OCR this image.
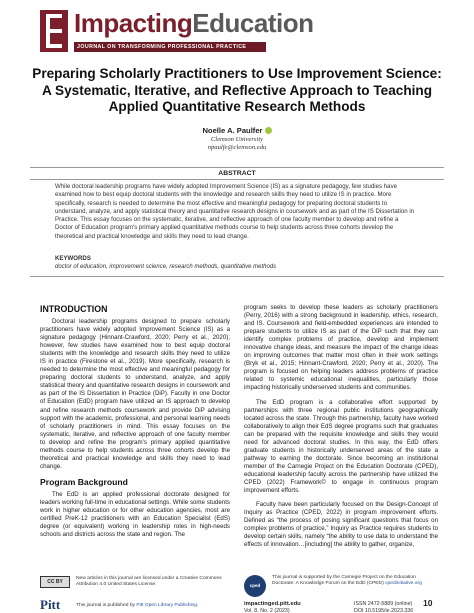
ImpactingEducation
JOURNAL ON TRANSFORMING PROFESSIONAL PRACTICE
Preparing Scholarly Practitioners to Use Improvement Science: A Systematic, Iterative, and Reflective Approach to Teaching Applied Quantitative Research Methods
Noelle A. Paulfer
Clemson University
npaulfe@clemson.edu
ABSTRACT
While doctoral leadership programs have widely adopted Improvement Science (IS) as a signature pedagogy, few studies have examined how to best equip doctoral students with the knowledge and research skills they need to utilize IS in practice. More specifically, research is needed to determine the most effective and meaningful pedagogy for preparing doctoral students to understand, analyze, and apply statistical theory and quantitative research designs in coursework and as part of the IS Dissertation in Practice. This essay focuses on the systematic, iterative, and reflective approach of one faculty member to develop and refine a Doctor of Education program's primary applied quantitative methods course to help students across three cohorts develop the theoretical and practical knowledge and skills they need to lead change.
KEYWORDS
doctor of education, improvement science, research methods, quantitative methods
INTRODUCTION
Doctoral leadership programs designed to prepare scholarly practitioners have widely adopted Improvement Science (IS) as a signature pedagogy (Hinnant-Crawford, 2020; Perry et al., 2020); however, few studies have examined how to best equip doctoral students with the knowledge and research skills they need to utilize IS in practice (Firestone et al., 2019). More specifically, research is needed to determine the most effective and meaningful pedagogy for preparing doctoral students to understand, analyze, and apply statistical theory and quantitative research designs in coursework and as part of the IS Dissertation in Practice (DiP). Faculty in one Doctor of Education (EdD) program have utilized an IS approach to develop and refine research methods coursework and provide DiP advising support with the academic, professional, and personal learning needs of scholarly practitioners in mind. This essay focuses on the systematic, iterative, and reflective approach of one faculty member to develop and refine the program's primary applied quantitative methods course to help students across three cohorts develop the theoretical and practical knowledge and skills they need to lead change.
Program Background
The EdD is an applied professional doctorate designed for leaders working full-time in educational settings. While some students work in higher education or for other education agencies, most are certified PreK-12 practitioners with an Education Specialist (EdS) degree (or equivalent) working in leadership roles in high-needs schools and districts across the state and region. The
program seeks to develop these leaders as scholarly practitioners (Perry, 2016) with a strong background in leadership, ethics, research, and IS. Coursework and field-embedded experiences are intended to prepare students to utilize IS as part of the DiP such that they can identify complex problems of practice, develop and implement innovative change ideas, and measure the impact of the change ideas on improving outcomes that matter most often in their work settings (Bryk et al., 2015; Hinnant-Crawford, 2020; Perry et al., 2020). The program is focused on helping leaders address problems of practice related to systemic educational inequalities, particularly those impacting historically underserved students and communities.
The EdD program is a collaborative effort supported by partnerships with three regional public institutions geographically located across the state. Through this partnership, faculty have worked collaboratively to align their EdS degree programs such that graduates can be prepared with the requisite knowledge and skills they would need for advanced doctoral studies. In this way, the EdD offers graduate students in historically underserved areas of the state a pathway to earning the doctorate. Since becoming an institutional member of the Carnegie Project on the Education Doctorate (CPED), educational leadership faculty across the partnership have utilized the CPED (2022) Framework© to engage in continuous program improvement efforts.
Faculty have been particularly focused on the Design-Concept of Inquiry as Practice (CPED, 2022) in program improvement efforts. Defined as “the process of posing significant questions that focus on complex problems of practice,” Inquiry as Practice requires students to develop certain skills, namely “the ability to use data to understand the effects of innovation…[including] the ability to gather, organize,
CC BY
New articles in this journal are licensed under a Creative Commons Attribution 4.0 United States License.
Pitt	This journal is published by Pitt Open Library Publishing.
cped
This journal is supported by the Carnegie Project on the Education Doctorate: A Knowledge Forum on the EdD (CPED) cpedinitiative.org
impactinged.pitt.edu
Vol. 8, No. 2 (2023)
ISSN 2472-5889 (online)
DOI 10.5195/ie.2023.336
10
